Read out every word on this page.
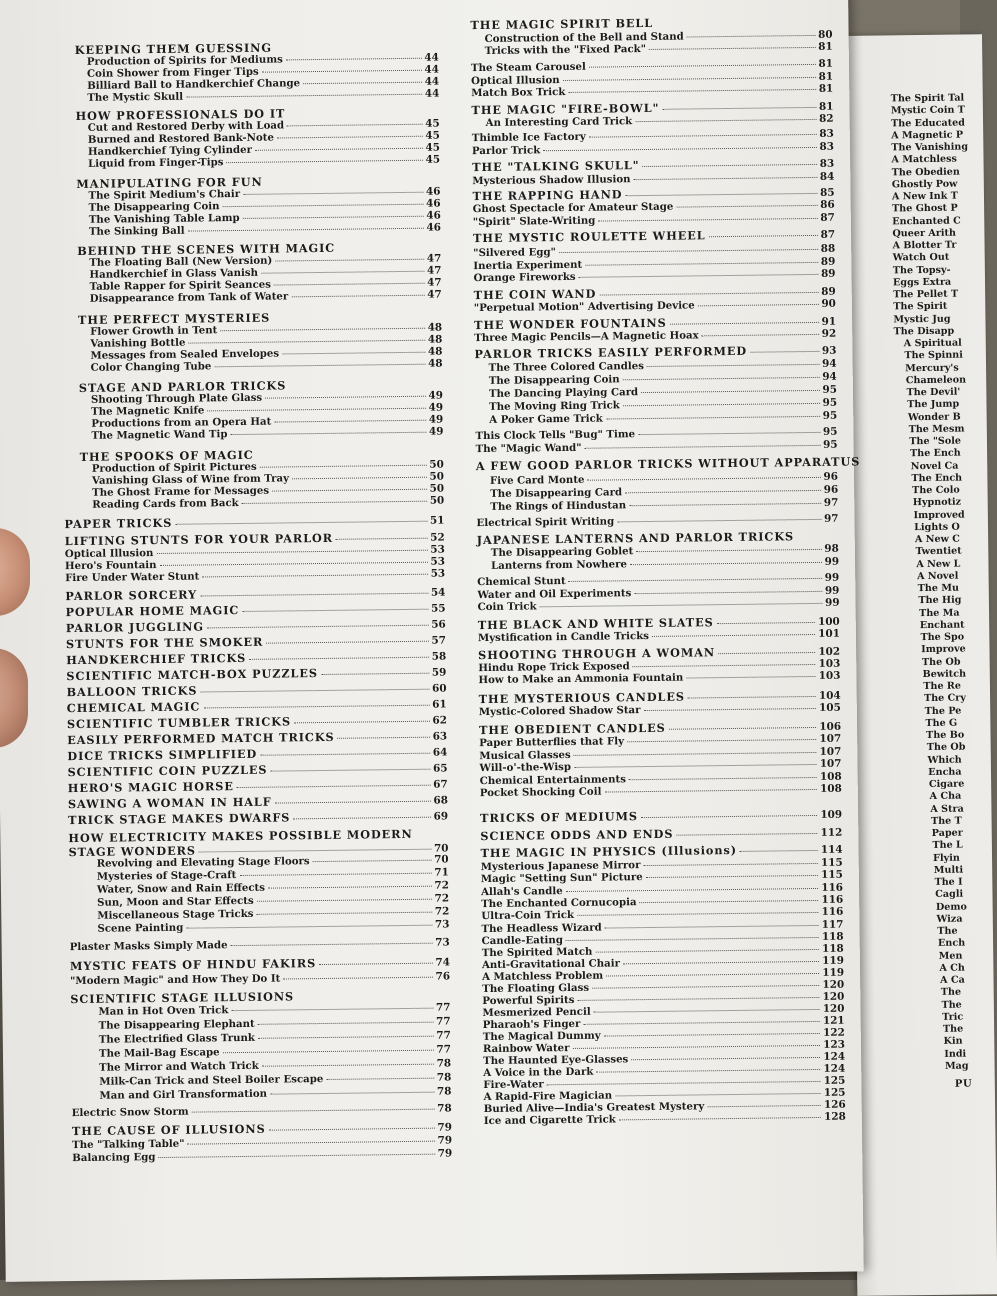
The Spirit Tal
Mystic Coin T
The Educated
A Magnetic P
The Vanishing
A Matchless
The Obedien
Ghostly Pow
A New Ink T
The Ghost P
Enchanted C
Queer Arith
A Blotter Tr
Watch Out
The Topsy-
Eggs Extra
The Pellet T
The Spirit
Mystic Jug
The Disapp
A Spiritual
The Spinni
Mercury's
Chameleon
The Devil'
The Jump
Wonder B
The Mesm
The "Sole
The Ench
Novel Ca
The Ench
The Colo
Hypnotiz
Improved
Lights O
A New C
Twentiet
A New L
A Novel
The Mu
The Hig
The Ma
Enchant
The Spo
Improve
The Ob
Bewitch
The Re
The Cry
The Pe
The G
The Bo
The Ob
Which
Encha
Cigare
A Cha
A Stra
The T
Paper
The L
Flyin
Multi
The I
Cagli
Demo
Wiza
The
Ench
Men
A Ch
A Ca
The
The
Tric
The
Kin
Indi
Mag
PU
KEEPING THEM GUESSING
Production of Spirits for Mediums	44
Coin Shower from Finger Tips	44
Billiard Ball to Handkerchief Change	44
The Mystic Skull	44
HOW PROFESSIONALS DO IT
Cut and Restored Derby with Load	45
Burned and Restored Bank-Note	45
Handkerchief Tying Cylinder	45
Liquid from Finger-Tips	45
MANIPULATING FOR FUN
The Spirit Medium's Chair	46
The Disappearing Coin	46
The Vanishing Table Lamp	46
The Sinking Ball	46
BEHIND THE SCENES WITH MAGIC
The Floating Ball (New Version)	47
Handkerchief in Glass Vanish	47
Table Rapper for Spirit Seances	47
Disappearance from Tank of Water	47
THE PERFECT MYSTERIES
Flower Growth in Tent	48
Vanishing Bottle	48
Messages from Sealed Envelopes	48
Color Changing Tube	48
STAGE AND PARLOR TRICKS
Shooting Through Plate Glass	49
The Magnetic Knife	49
Productions from an Opera Hat	49
The Magnetic Wand Tip	49
THE SPOOKS OF MAGIC
Production of Spirit Pictures	50
Vanishing Glass of Wine from Tray	50
The Ghost Frame for Messages	50
Reading Cards from Back	50
PAPER TRICKS	51
LIFTING STUNTS FOR YOUR PARLOR	52
Optical Illusion	53
Hero's Fountain	53
Fire Under Water Stunt	53
PARLOR SORCERY	54
POPULAR HOME MAGIC	55
PARLOR JUGGLING	56
STUNTS FOR THE SMOKER	57
HANDKERCHIEF TRICKS	58
SCIENTIFIC MATCH-BOX PUZZLES	59
BALLOON TRICKS	60
CHEMICAL MAGIC	61
SCIENTIFIC TUMBLER TRICKS	62
EASILY PERFORMED MATCH TRICKS	63
DICE TRICKS SIMPLIFIED	64
SCIENTIFIC COIN PUZZLES	65
HERO'S MAGIC HORSE	67
SAWING A WOMAN IN HALF	68
TRICK STAGE MAKES DWARFS	69
HOW ELECTRICITY MAKES POSSIBLE MODERN
STAGE WONDERS	70
Revolving and Elevating Stage Floors	70
Mysteries of Stage-Craft	71
Water, Snow and Rain Effects	72
Sun, Moon and Star Effects	72
Miscellaneous Stage Tricks	72
Scene Painting	73
Plaster Masks Simply Made	73
MYSTIC FEATS OF HINDU FAKIRS	74
"Modern Magic" and How They Do It	76
SCIENTIFIC STAGE ILLUSIONS
Man in Hot Oven Trick	77
The Disappearing Elephant	77
The Electrified Glass Trunk	77
The Mail-Bag Escape	77
The Mirror and Watch Trick	78
Milk-Can Trick and Steel Boiler Escape	78
Man and Girl Transformation	78
Electric Snow Storm	78
THE CAUSE OF ILLUSIONS	79
The "Talking Table"	79
Balancing Egg	79
THE MAGIC SPIRIT BELL
Construction of the Bell and Stand	80
Tricks with the "Fixed Pack"	81
The Steam Carousel	81
Optical Illusion	81
Match Box Trick	81
THE MAGIC "FIRE-BOWL"	81
An Interesting Card Trick	82
Thimble Ice Factory	83
Parlor Trick	83
THE "TALKING SKULL"	83
Mysterious Shadow Illusion	84
THE RAPPING HAND	85
Ghost Spectacle for Amateur Stage	86
"Spirit" Slate-Writing	87
THE MYSTIC ROULETTE WHEEL	87
"Silvered Egg"	88
Inertia Experiment	89
Orange Fireworks	89
THE COIN WAND	89
"Perpetual Motion" Advertising Device	90
THE WONDER FOUNTAINS	91
Three Magic Pencils—A Magnetic Hoax	92
PARLOR TRICKS EASILY PERFORMED	93
The Three Colored Candles	94
The Disappearing Coin	94
The Dancing Playing Card	95
The Moving Ring Trick	95
A Poker Game Trick	95
This Clock Tells "Bug" Time	95
The "Magic Wand"	95
A FEW GOOD PARLOR TRICKS WITHOUT APPARATUS
Five Card Monte	96
The Disappearing Card	96
The Rings of Hindustan	97
Electrical Spirit Writing	97
JAPANESE LANTERNS AND PARLOR TRICKS
The Disappearing Goblet	98
Lanterns from Nowhere	99
Chemical Stunt	99
Water and Oil Experiments	99
Coin Trick	99
THE BLACK AND WHITE SLATES	100
Mystification in Candle Tricks	101
SHOOTING THROUGH A WOMAN	102
Hindu Rope Trick Exposed	103
How to Make an Ammonia Fountain	103
THE MYSTERIOUS CANDLES	104
Mystic-Colored Shadow Star	105
THE OBEDIENT CANDLES	106
Paper Butterflies that Fly	107
Musical Glasses	107
Will-o'-the-Wisp	107
Chemical Entertainments	108
Pocket Shocking Coil	108
TRICKS OF MEDIUMS	109
SCIENCE ODDS AND ENDS	112
THE MAGIC IN PHYSICS (Illusions)	114
Mysterious Japanese Mirror	115
Magic "Setting Sun" Picture	115
Allah's Candle	116
The Enchanted Cornucopia	116
Ultra-Coin Trick	116
The Headless Wizard	117
Candle-Eating	118
The Spirited Match	118
Anti-Gravitational Chair	119
A Matchless Problem	119
The Floating Glass	120
Powerful Spirits	120
Mesmerized Pencil	120
Pharaoh's Finger	121
The Magical Dummy	122
Rainbow Water	123
The Haunted Eye-Glasses	124
A Voice in the Dark	124
Fire-Water	125
A Rapid-Fire Magician	125
Buried Alive—India's Greatest Mystery	126
Ice and Cigarette Trick	128
